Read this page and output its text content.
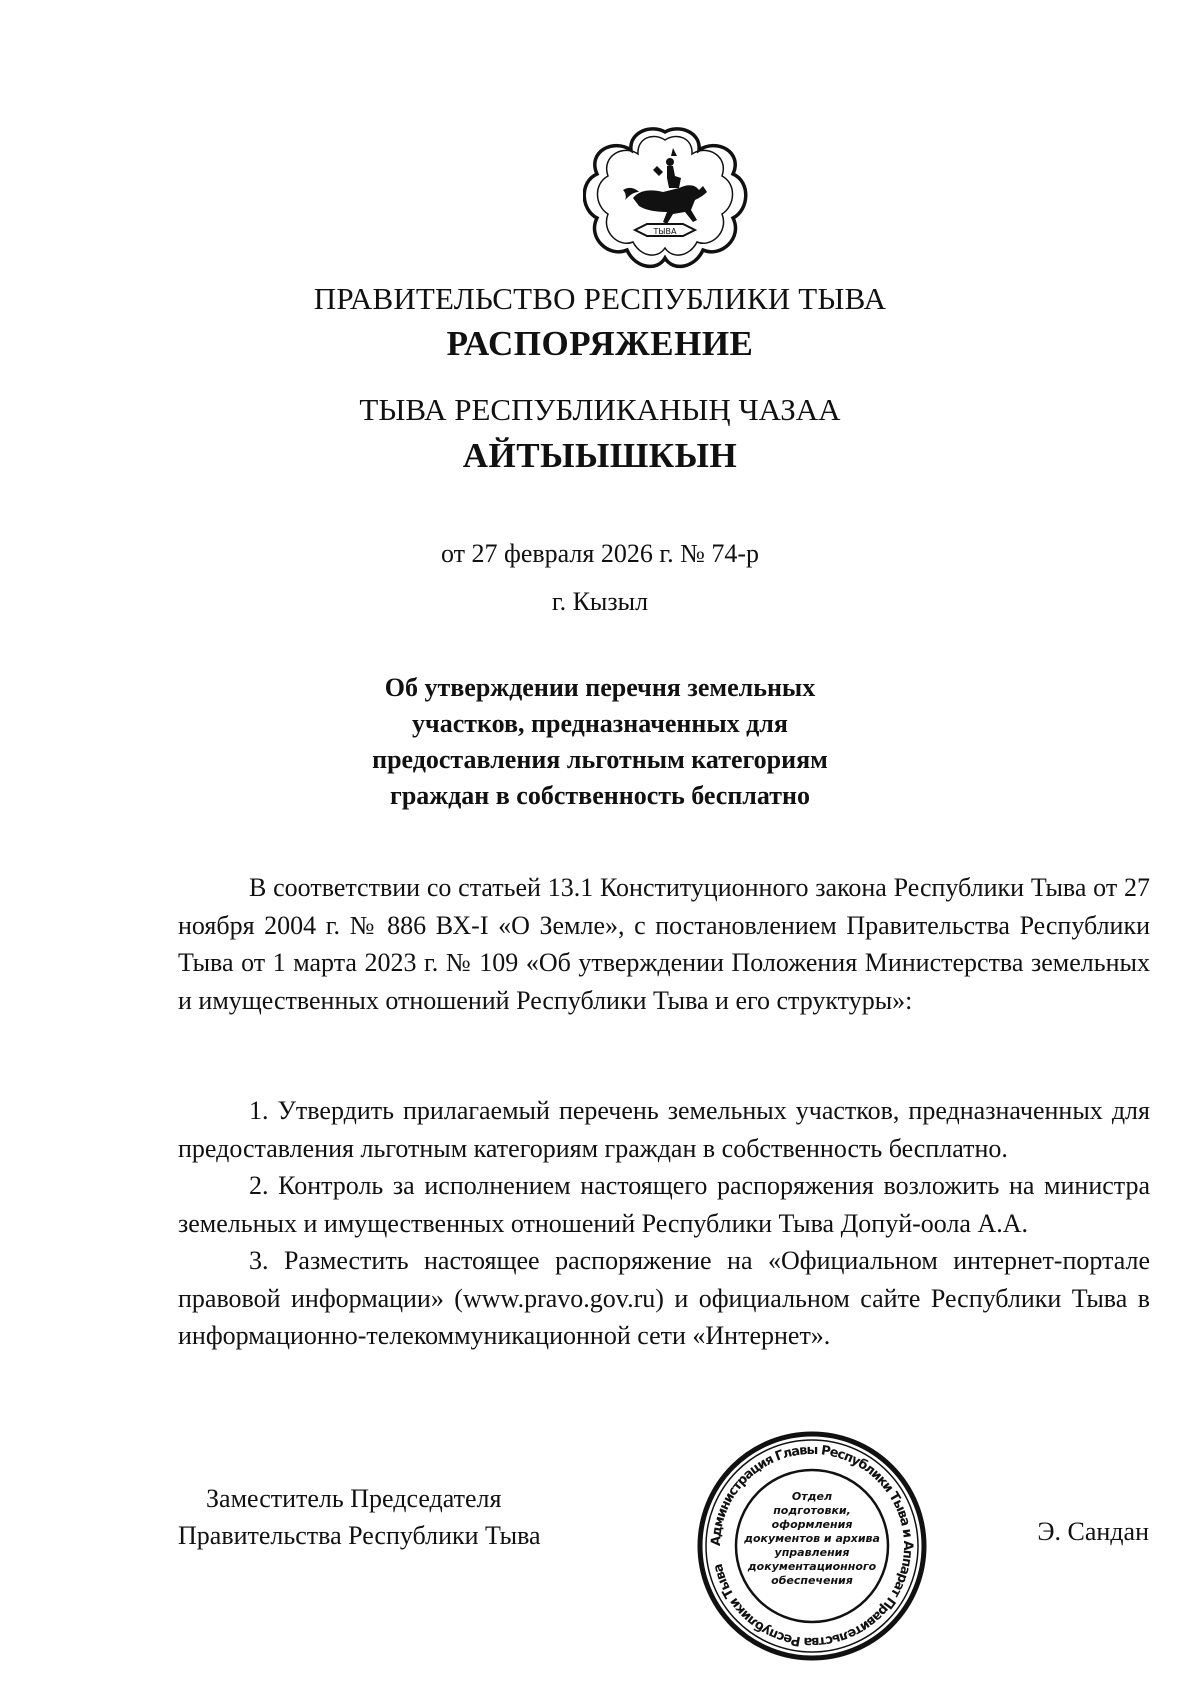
ТЫВА
ПРАВИТЕЛЬСТВО РЕСПУБЛИКИ ТЫВА
РАСПОРЯЖЕНИЕ
ТЫВА РЕСПУБЛИКАНЫҢ ЧАЗАА
АЙТЫЫШКЫН
от 27 февраля 2026 г. № 74-р
г. Кызыл
Об утверждении перечня земельных
участков, предназначенных для
предоставления льготным категориям
граждан в собственность бесплатно

В соответствии со статьей 13.1 Конституционного закона Республики Тыва от 27 ноября 2004 г. № 886 ВХ-I «О Земле», с постановлением Правительства Республики Тыва от 1 марта 2023 г. № 109 «Об утверждении Положения Министерства земельных и имущественных отношений Республики Тыва и его структуры»:

1. Утвердить прилагаемый перечень земельных участков, предназначенных для предоставления льготным категориям граждан в собственность бесплатно.

2. Контроль за исполнением настоящего распоряжения возложить на министра земельных и имущественных отношений Республики Тыва Допуй-оола А.А.

3. Разместить настоящее распоряжение на «Официальном интернет-портале правовой информации» (www.pravo.gov.ru) и официальном сайте Республики Тыва в информационно-телекоммуникационной сети «Интернет».

Заместитель Председателя
Правительства Республики Тыва	Э. Сандан
Администрация Главы Республики Тыва и Аппарат Правительства Республики Тыва
Отдел
подготовки,
оформления
документов и архива
управления
документационного
обеспечения
